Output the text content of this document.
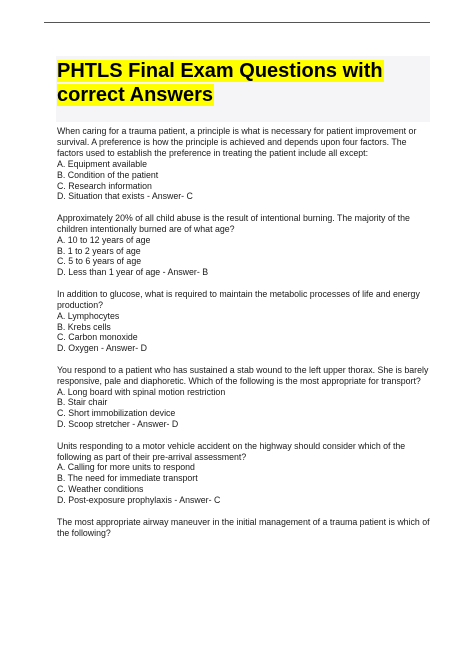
PHTLS Final Exam Questions with
correct Answers

When caring for a trauma patient, a principle is what is necessary for patient improvement or survival. A preference is how the principle is achieved and depends upon four factors. The factors used to establish the preference in treating the patient include all except:

A. Equipment available
B. Condition of the patient
C. Research information
D. Situation that exists - Answer- C

Approximately 20% of all child abuse is the result of intentional burning. The majority of the children intentionally burned are of what age?

A. 10 to 12 years of age
B. 1 to 2 years of age
C. 5 to 6 years of age
D. Less than 1 year of age - Answer- B

In addition to glucose, what is required to maintain the metabolic processes of life and energy production?

A. Lymphocytes
B. Krebs cells
C. Carbon monoxide
D. Oxygen - Answer- D

You respond to a patient who has sustained a stab wound to the left upper thorax. She is barely responsive, pale and diaphoretic. Which of the following is the most appropriate for transport?

A. Long board with spinal motion restriction
B. Stair chair
C. Short immobilization device
D. Scoop stretcher - Answer- D

Units responding to a motor vehicle accident on the highway should consider which of the following as part of their pre-arrival assessment?

A. Calling for more units to respond
B. The need for immediate transport
C. Weather conditions
D. Post-exposure prophylaxis - Answer- C

The most appropriate airway maneuver in the initial management of a trauma patient is which of the following?
